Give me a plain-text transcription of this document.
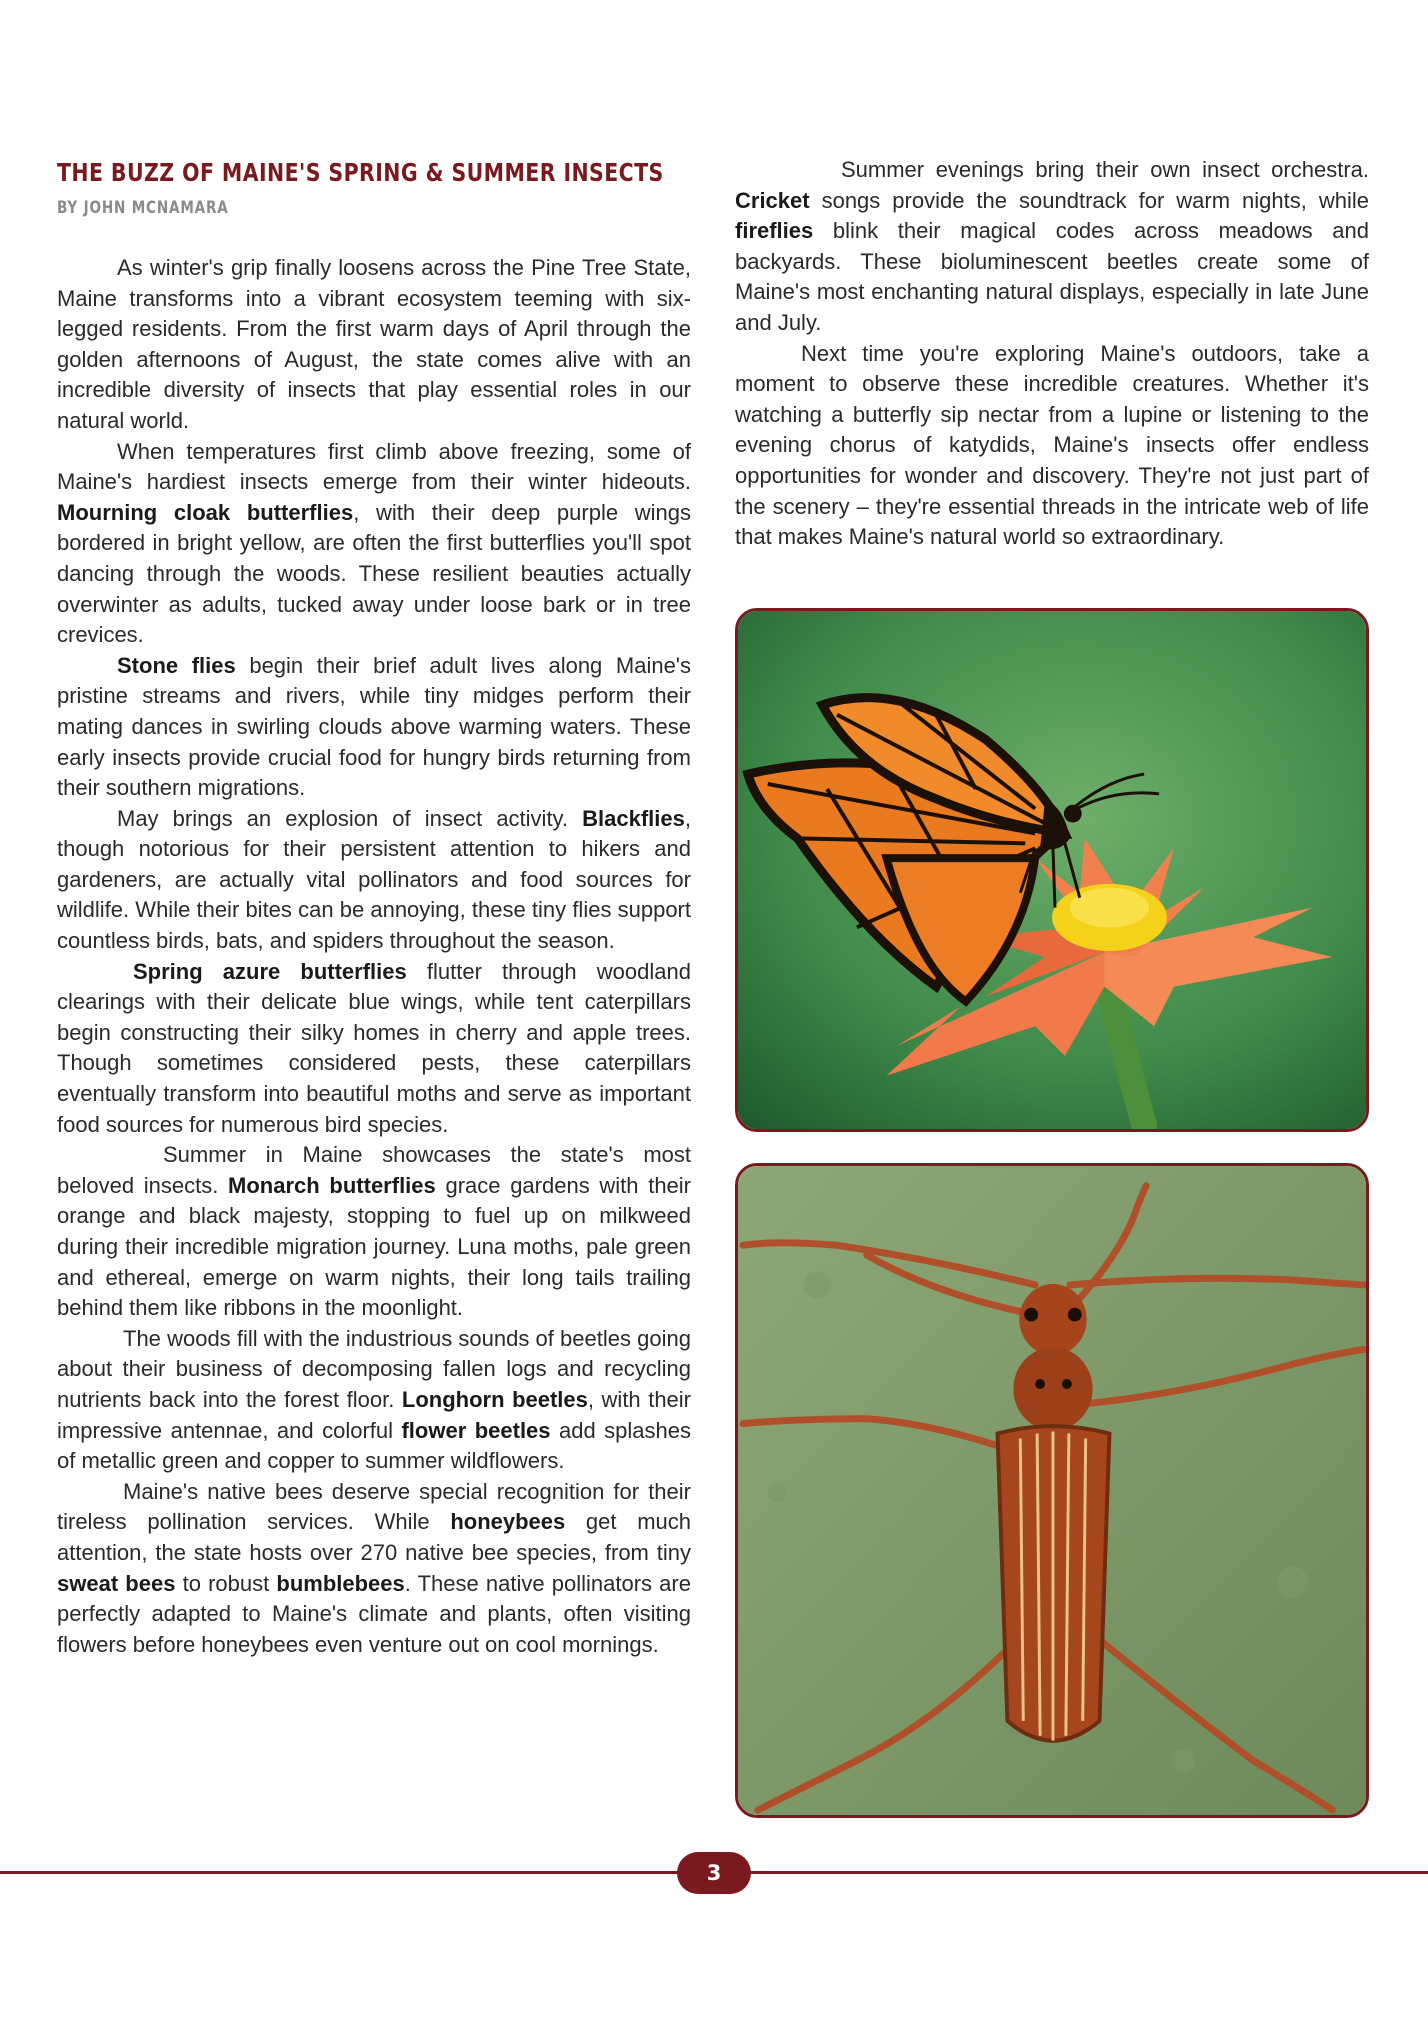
THE BUZZ OF MAINE'S SPRING & SUMMER INSECTS
BY JOHN MCNAMARA

As winter's grip finally loosens across the Pine Tree State, Maine transforms into a vibrant ecosystem teeming with six-legged residents. From the first warm days of April through the golden afternoons of August, the state comes alive with an incredible diversity of insects that play essential roles in our natural world.

When temperatures first climb above freezing, some of Maine's hardiest insects emerge from their winter hideouts. Mourning cloak butterflies, with their deep purple wings bordered in bright yellow, are often the first butterflies you'll spot dancing through the woods. These resilient beauties actually overwinter as adults, tucked away under loose bark or in tree crevices.

Stone flies begin their brief adult lives along Maine's pristine streams and rivers, while tiny midges perform their mating dances in swirling clouds above warming waters. These early insects provide crucial food for hungry birds returning from their southern migrations.

May brings an explosion of insect activity. Blackflies, though notorious for their persistent attention to hikers and gardeners, are actually vital pollinators and food sources for wildlife. While their bites can be annoying, these tiny flies support countless birds, bats, and spiders throughout the season.

Spring azure butterflies flutter through woodland clearings with their delicate blue wings, while tent caterpillars begin constructing their silky homes in cherry and apple trees. Though sometimes considered pests, these caterpillars eventually transform into beautiful moths and serve as important food sources for numerous bird species.

Summer in Maine showcases the state's most beloved insects. Monarch butterflies grace gardens with their orange and black majesty, stopping to fuel up on milkweed during their incredible migration journey. Luna moths, pale green and ethereal, emerge on warm nights, their long tails trailing behind them like ribbons in the moonlight.

The woods fill with the industrious sounds of beetles going about their business of decomposing fallen logs and recycling nutrients back into the forest floor. Longhorn beetles, with their impressive antennae, and colorful flower beetles add splashes of metallic green and copper to summer wildflowers.

Maine's native bees deserve special recognition for their tireless pollination services. While honeybees get much attention, the state hosts over 270 native bee species, from tiny sweat bees to robust bumblebees. These native pollinators are perfectly adapted to Maine's climate and plants, often visiting flowers before honeybees even venture out on cool mornings.

Summer evenings bring their own insect orchestra. Cricket songs provide the soundtrack for warm nights, while fireflies blink their magical codes across meadows and backyards. These bioluminescent beetles create some of Maine's most enchanting natural displays, especially in late June and July.

Next time you're exploring Maine's outdoors, take a moment to observe these incredible creatures. Whether it's watching a butterfly sip nectar from a lupine or listening to the evening chorus of katydids, Maine's insects offer endless opportunities for wonder and discovery. They're not just part of the scenery – they're essential threads in the intricate web of life that makes Maine's natural world so extraordinary.

3
